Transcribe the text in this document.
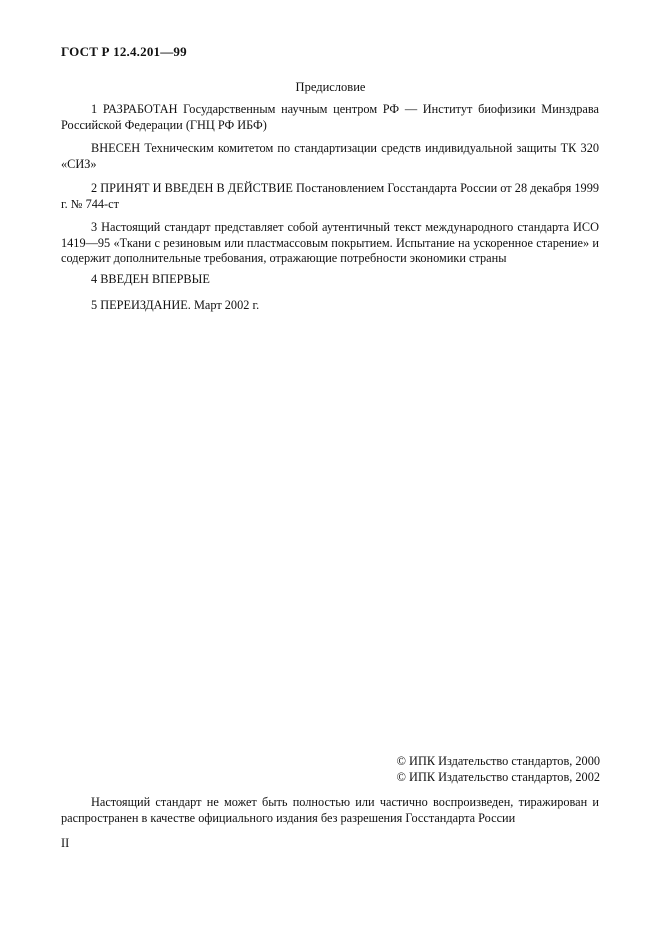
ГОСТ Р 12.4.201—99
Предисловие
1 РАЗРАБОТАН Государственным научным центром РФ — Институт биофизики Минздрава Российской Федерации (ГНЦ РФ ИБФ)
ВНЕСЕН Техническим комитетом по стандартизации средств индивидуальной защиты ТК 320 «СИЗ»
2 ПРИНЯТ И ВВЕДЕН В ДЕЙСТВИЕ Постановлением Госстандарта России от 28 декабря 1999 г. № 744-ст
3 Настоящий стандарт представляет собой аутентичный текст международного стандарта ИСО 1419—95 «Ткани с резиновым или пластмассовым покрытием. Испытание на ускоренное старение» и содержит дополнительные требования, отражающие потребности экономики страны
4 ВВЕДЕН ВПЕРВЫЕ
5 ПЕРЕИЗДАНИЕ. Март 2002 г.
© ИПК Издательство стандартов, 2000
© ИПК Издательство стандартов, 2002
Настоящий стандарт не может быть полностью или частично воспроизведен, тиражирован и распространен в качестве официального издания без разрешения Госстандарта России
II
